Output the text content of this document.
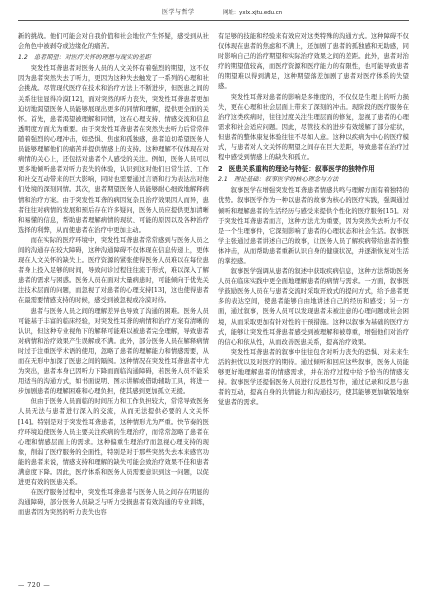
医学与哲学	网址：yxlx.xjtu.edu.cn

新的挑战。他们可能会对自我价值和社会地位产生怀疑，感受到从社会角色中被剥夺或边缘化的痛苦。

1.2　患者期望：对医疗关怀的理想与现实的差距

突发性耳聋患者对医务人员的人文关怀有着强烈的期望，这不仅因为患者突然失去了听力，更因为这种失去触发了一系列的心理和社会挑战。尽管现代医疗在技术和治疗方法上不断进步，但医患之间的关系往往显得冷漠[12]，面对突然的听力丧失，突发性耳聋患者更加迫切地渴望医务人员能够展现出更多的同情和理解，提供更全面的关怀。首先，患者渴望被理解和同情，这在心理支持、情感交流和信息透明度方面尤为重要。由于突发性耳聋患者在突然失去听力后常常伴随着强烈的心理冲击，如恐惧、焦虑和孤独感，患者迫切希望医务人员能够理解他们的痛苦并提供情感上的支持。这种理解不仅体现在对病情的关心上，还包括对患者个人感受的关注。例如，医务人员可以更多地倾听患者对听力丧失的体验，认识到这对他们日常生活、工作和社交互动带来的巨大影响，同时也需要通过言语和行为表达出对他们处境的深刻同情。其次，患者期望医务人员能够耐心细致地解释病情和治疗方案。由于突发性耳聋的病因复杂且治疗效果因人而异，患者往往对病情的发展和预后存在许多疑问，医务人员应提供更加清晰和易懂的信息，帮助患者理解病情的现状、可能的原因以及各种治疗选择的利弊，从而使患者在治疗中更加主动。

而在实际的医疗环境中，突发性耳聋患者常常感到与医务人员之间的沟通存在较大障碍，这种沟通障碍不仅体现在信息传递上，更体现在人文关怀的缺失上。医疗资源的紧张使得医务人员难以在每位患者身上投入足够的时间，导致问诊过程往往流于形式，难以深入了解患者的需求与困惑。医务人员在面对大量病患时，可能倾向于优先关注技术层面的问题，而忽视了对患者的心理支持[13]，这也使得患者在最需要情感支持的时候，感受到被忽视或冷漠对待。

患者与医务人员之间的理解差异也导致了沟通的困难。医务人员可能基于丰富的临床经验，对突发性耳聋的病情和治疗方案有清晰的认识，但这种专业视角下的解释可能难以被患者完全理解，导致患者对病情和治疗效果产生误解或不满。此外，部分医务人员在解释病情时过于注重医学术语的使用，忽略了患者的理解能力和情感需要，从而在无形中加深了医患之间的隔阂。这种情况在突发性耳聋患者中尤为突出，患者本身已因听力下降而面临沟通障碍，若医务人员不能采用适当的沟通方式，如书面说明、图示讲解或借助辅助工具，将进一步加剧患者的理解困难和心理负担，使其感到更加孤立无援。

但由于医务人员面临的时间压力和工作负担较大，常常导致医务人员无法与患者进行深入的交流，从而无法提供必要的人文关怀[14]。特别是对于突发性耳聋患者，这种情形尤为严重。快节奏的医疗环境迫使医务人员主要关注疾病的生理治疗，而常常忽略了患者在心理和情感层面上的需求。这种偏重生理治疗而忽视心理支持的现象，削弱了医疗服务的全面性，特别是对于那些突然失去本来感官功能的患者来说，情感支持和理解的缺失可能会致治疗效果不佳和患者满意度下降。因此，医疗体系和医务人员需要意识到这一问题，以促进更有效的医患关系。

在医疗服务过程中，突发性耳聋患者与医务人员之间存在明显的沟通障碍，部分医务人员缺乏与听力受损患者有效沟通的专业训练，而患者因为突然的听力丧失也容

有足够的技能和经验来有效应对这类特殊的沟通方式。这种障碍不仅仅体现在患者的焦虑和不满上，还加剧了患者的孤独感和无助感，同时影响自己的治疗期望和实际治疗效果之间的差距。此外，患者对治疗的期望值较高，而医疗资源和医疗能力的有限性，也可能导致患者的期望难以得到满足，这种期望落差加剧了患者对医疗体系的失望感。

突发性耳聋对患者的影响是多维度的，不仅仅是生理上的听力损失，更在心理和社会层面上带来了深刻的冲击。现阶段的医疗服务在治疗这类疾病时，往往过度关注生理层面的修复，忽视了患者的心理需求和社会适应问题。因此，尽管技术的进步有效缓解了部分症状，但患者的整体康复体验往往不尽如人意。这种以疾病为中心的医疗模式，与患者对人文关怀的期望之间存在巨大差距，导致患者在治疗过程中感受到情感上的缺失和孤立。

2 医患关系重构的理论与特征：叙事医学的独特作用
2.1　理论基础：叙事医学的核心理念与方法

叙事医学在增强突发性耳聋患者情感共鸣与理解方面有着独特的优势。叙事医学作为一种以患者的故事为核心的医疗实践，强调通过倾听和理解患者的生活经历与感受来提供个性化的医疗服务[15]。对于突发性耳聋患者而言，这种方法尤为重要，因为突然失去听力不仅是一个生理事件，它深刻影响了患者的心理状态和社会生活。叙事医学主张通过患者讲述自己的故事，让医务人员了解疾病带给患者的整体冲击，从而帮助患者重新认识自身的健康状况，并逐渐恢复对生活的掌控感。

叙事医学强调从患者的叙述中获取疾病信息，这种方法帮助医务人员在临床实践中更全面地理解患者的病情与需求。一方面，叙事医学鼓励医务人员在与患者交流时采取开放式的提问方式，给予患者更多的表达空间，使患者能够自由地讲述自己的经历和感受；另一方面，通过叙事，医务人员可以发现患者未被注意的心理问题或社会困境，从而采取更加有针对性的干预措施。这种以叙事为基础的医疗方式，能够让突发性耳聋患者感受到被理解和被尊重，增强他们对治疗的信心和依从性，从而改善医患关系，提高治疗效果。

突发性耳聋患者的叙事中往往包含对听力丧失的恐惧、对未来生活的担忧以及对医疗的期待。通过倾听和回应这些叙事，医务人员能够更好地理解患者的情感需求，并在治疗过程中给予恰当的情感支持。叙事医学还提倡医务人员进行反思性写作，通过记录和反思与患者的互动，提高自身的共情能力和沟通技巧，使其能够更加敏锐地察觉患者的需求。

— 720 —
